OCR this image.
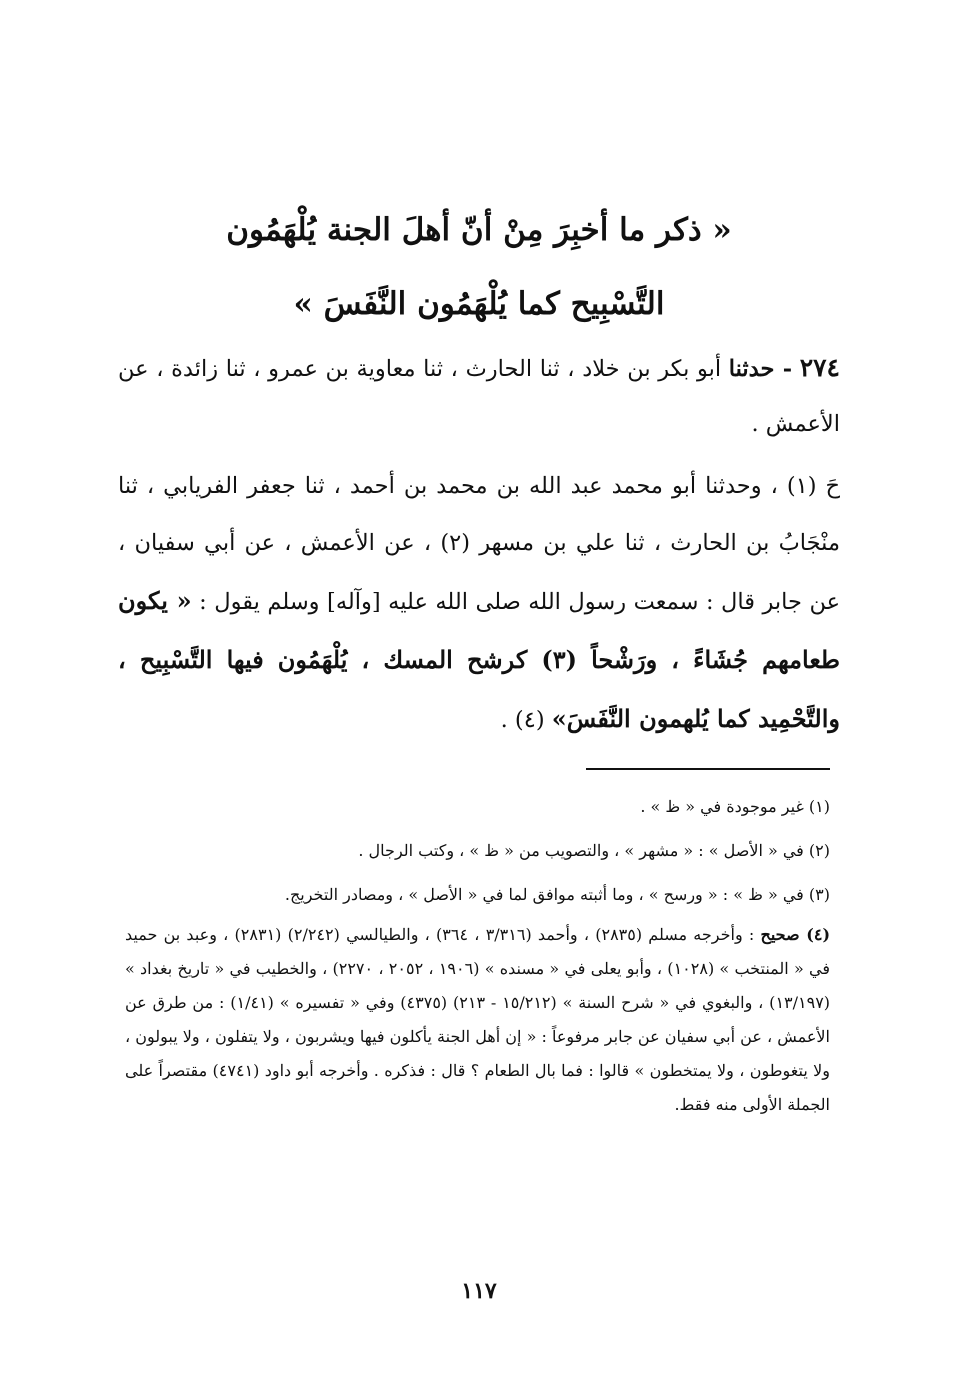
« ذكر ما أخبِرَ مِنْ أنّ أهلَ الجنة يُلْهَمُون
التَّسْبِيح كما يُلْهَمُون النَّفَسَ »

٢٧٤ - حدثنا أبو بكر بن خلاد ، ثنا الحارث ، ثنا معاوية بن عمرو ، ثنا زائدة ، عن الأعمش .

حَ (١) ، وحدثنا أبو محمد عبد الله بن محمد بن أحمد ، ثنا جعفر الفريابي ، ثنا منْجَابُ بن الحارث ، ثنا علي بن مسهر (٢) ، عن الأعمش ، عن أبي سفيان ، عن جابر قال : سمعت رسول الله صلى الله عليه [وآله] وسلم يقول : « يكون طعامهم جُشَاءً ، ورَشْحاً (٣) كرشح المسك ، يُلْهَمُون فيها التَّسْبِيح ، والتَّحْمِيد كما يُلهمون النَّفَسَ» (٤) .

(١) غير موجودة في « ظ » .
(٢) في « الأصل » : « مشهر » ، والتصويب من « ظ » ، وكتب الرجال .
(٣) في « ظ » : « ورسح » ، وما أثبته موافق لما في « الأصل » ، ومصادر التخريج.
(٤) صحيح : وأخرجه مسلم (٢٨٣٥) ، وأحمد (٣/٣١٦ ، ٣٦٤) ، والطيالسي (٢/٢٤٢) (٢٨٣١) ، وعبد بن حميد في « المنتخب » (١٠٢٨) ، وأبو يعلى في « مسنده » (١٩٠٦ ، ٢٠٥٢ ، ٢٢٧٠) ، والخطيب في « تاريخ بغداد » (١٣/١٩٧) ، والبغوي في « شرح السنة » (١٥/٢١٢ - ٢١٣) (٤٣٧٥) وفي « تفسيره » (١/٤١) : من طرق عن الأعمش ، عن أبي سفيان عن جابر مرفوعاً : « إن أهل الجنة يأكلون فيها ويشربون ، ولا يتفلون ، ولا يبولون ، ولا يتغوطون ، ولا يمتخطون » قالوا : فما بال الطعام ؟ قال : فذكره . وأخرجه أبو داود (٤٧٤١) مقتصراً على الجملة الأولى منه فقط.
١١٧
